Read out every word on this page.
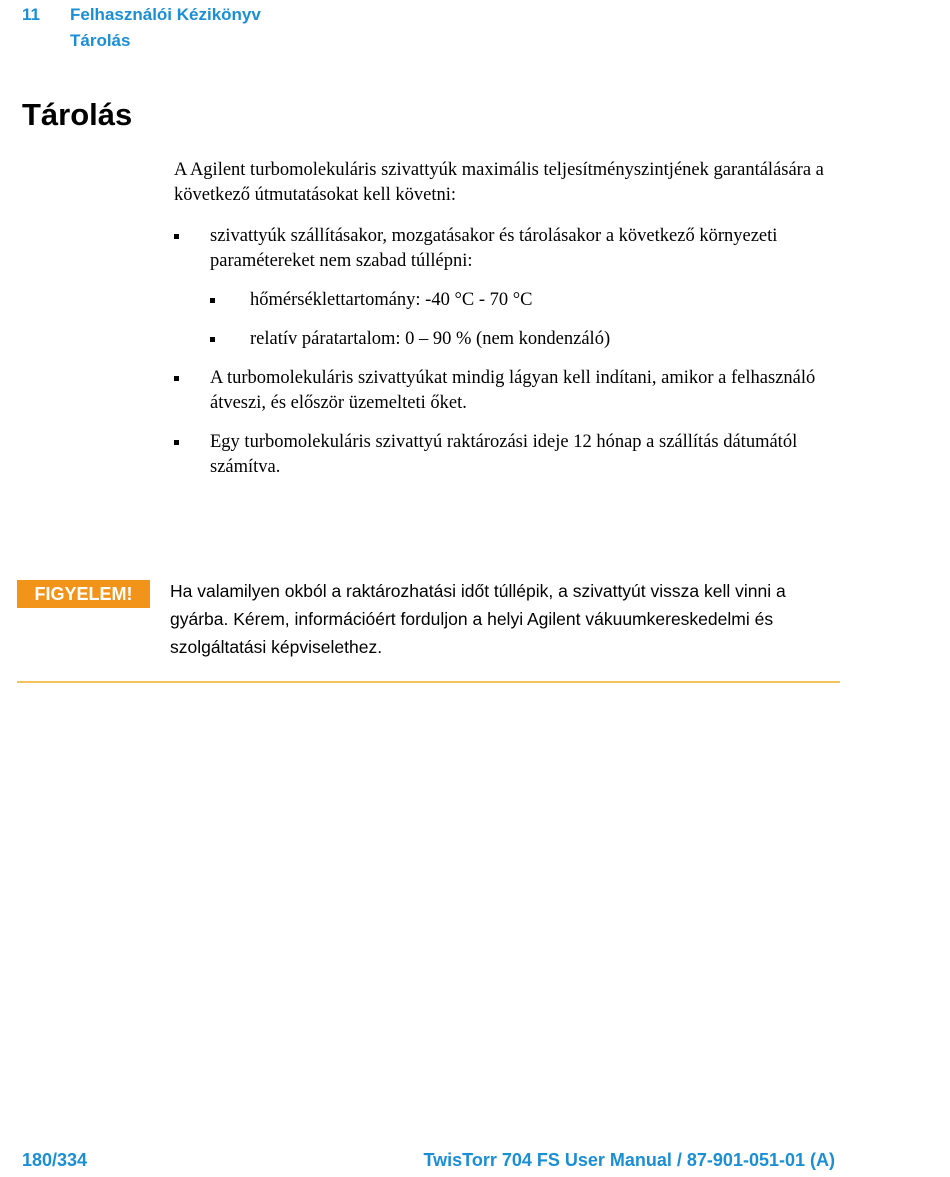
11 Felhasználói Kézikönyv
Tárolás
Tárolás

A Agilent turbomolekuláris szivattyúk maximális teljesítményszintjének garantálására a következő útmutatásokat kell követni:

szivattyúk szállításakor, mozgatásakor és tárolásakor a következő környezeti paramétereket nem szabad túllépni:
hőmérséklettartomány: -40 °C - 70 °C
relatív páratartalom: 0 – 90 % (nem kondenzáló)
A turbomolekuláris szivattyúkat mindig lágyan kell indítani, amikor a felhasználó átveszi, és először üzemelteti őket.
Egy turbomolekuláris szivattyú raktározási ideje 12 hónap a szállítás dátumától számítva.
FIGYELEM!	Ha valamilyen okból a raktározhatási időt túllépik, a szivattyút vissza kell vinni a gyárba. Kérem, információért forduljon a helyi Agilent vákuumkereskedelmi és szolgáltatási képviselethez.
180/334	TwisTorr 704 FS User Manual / 87-901-051-01 (A)
